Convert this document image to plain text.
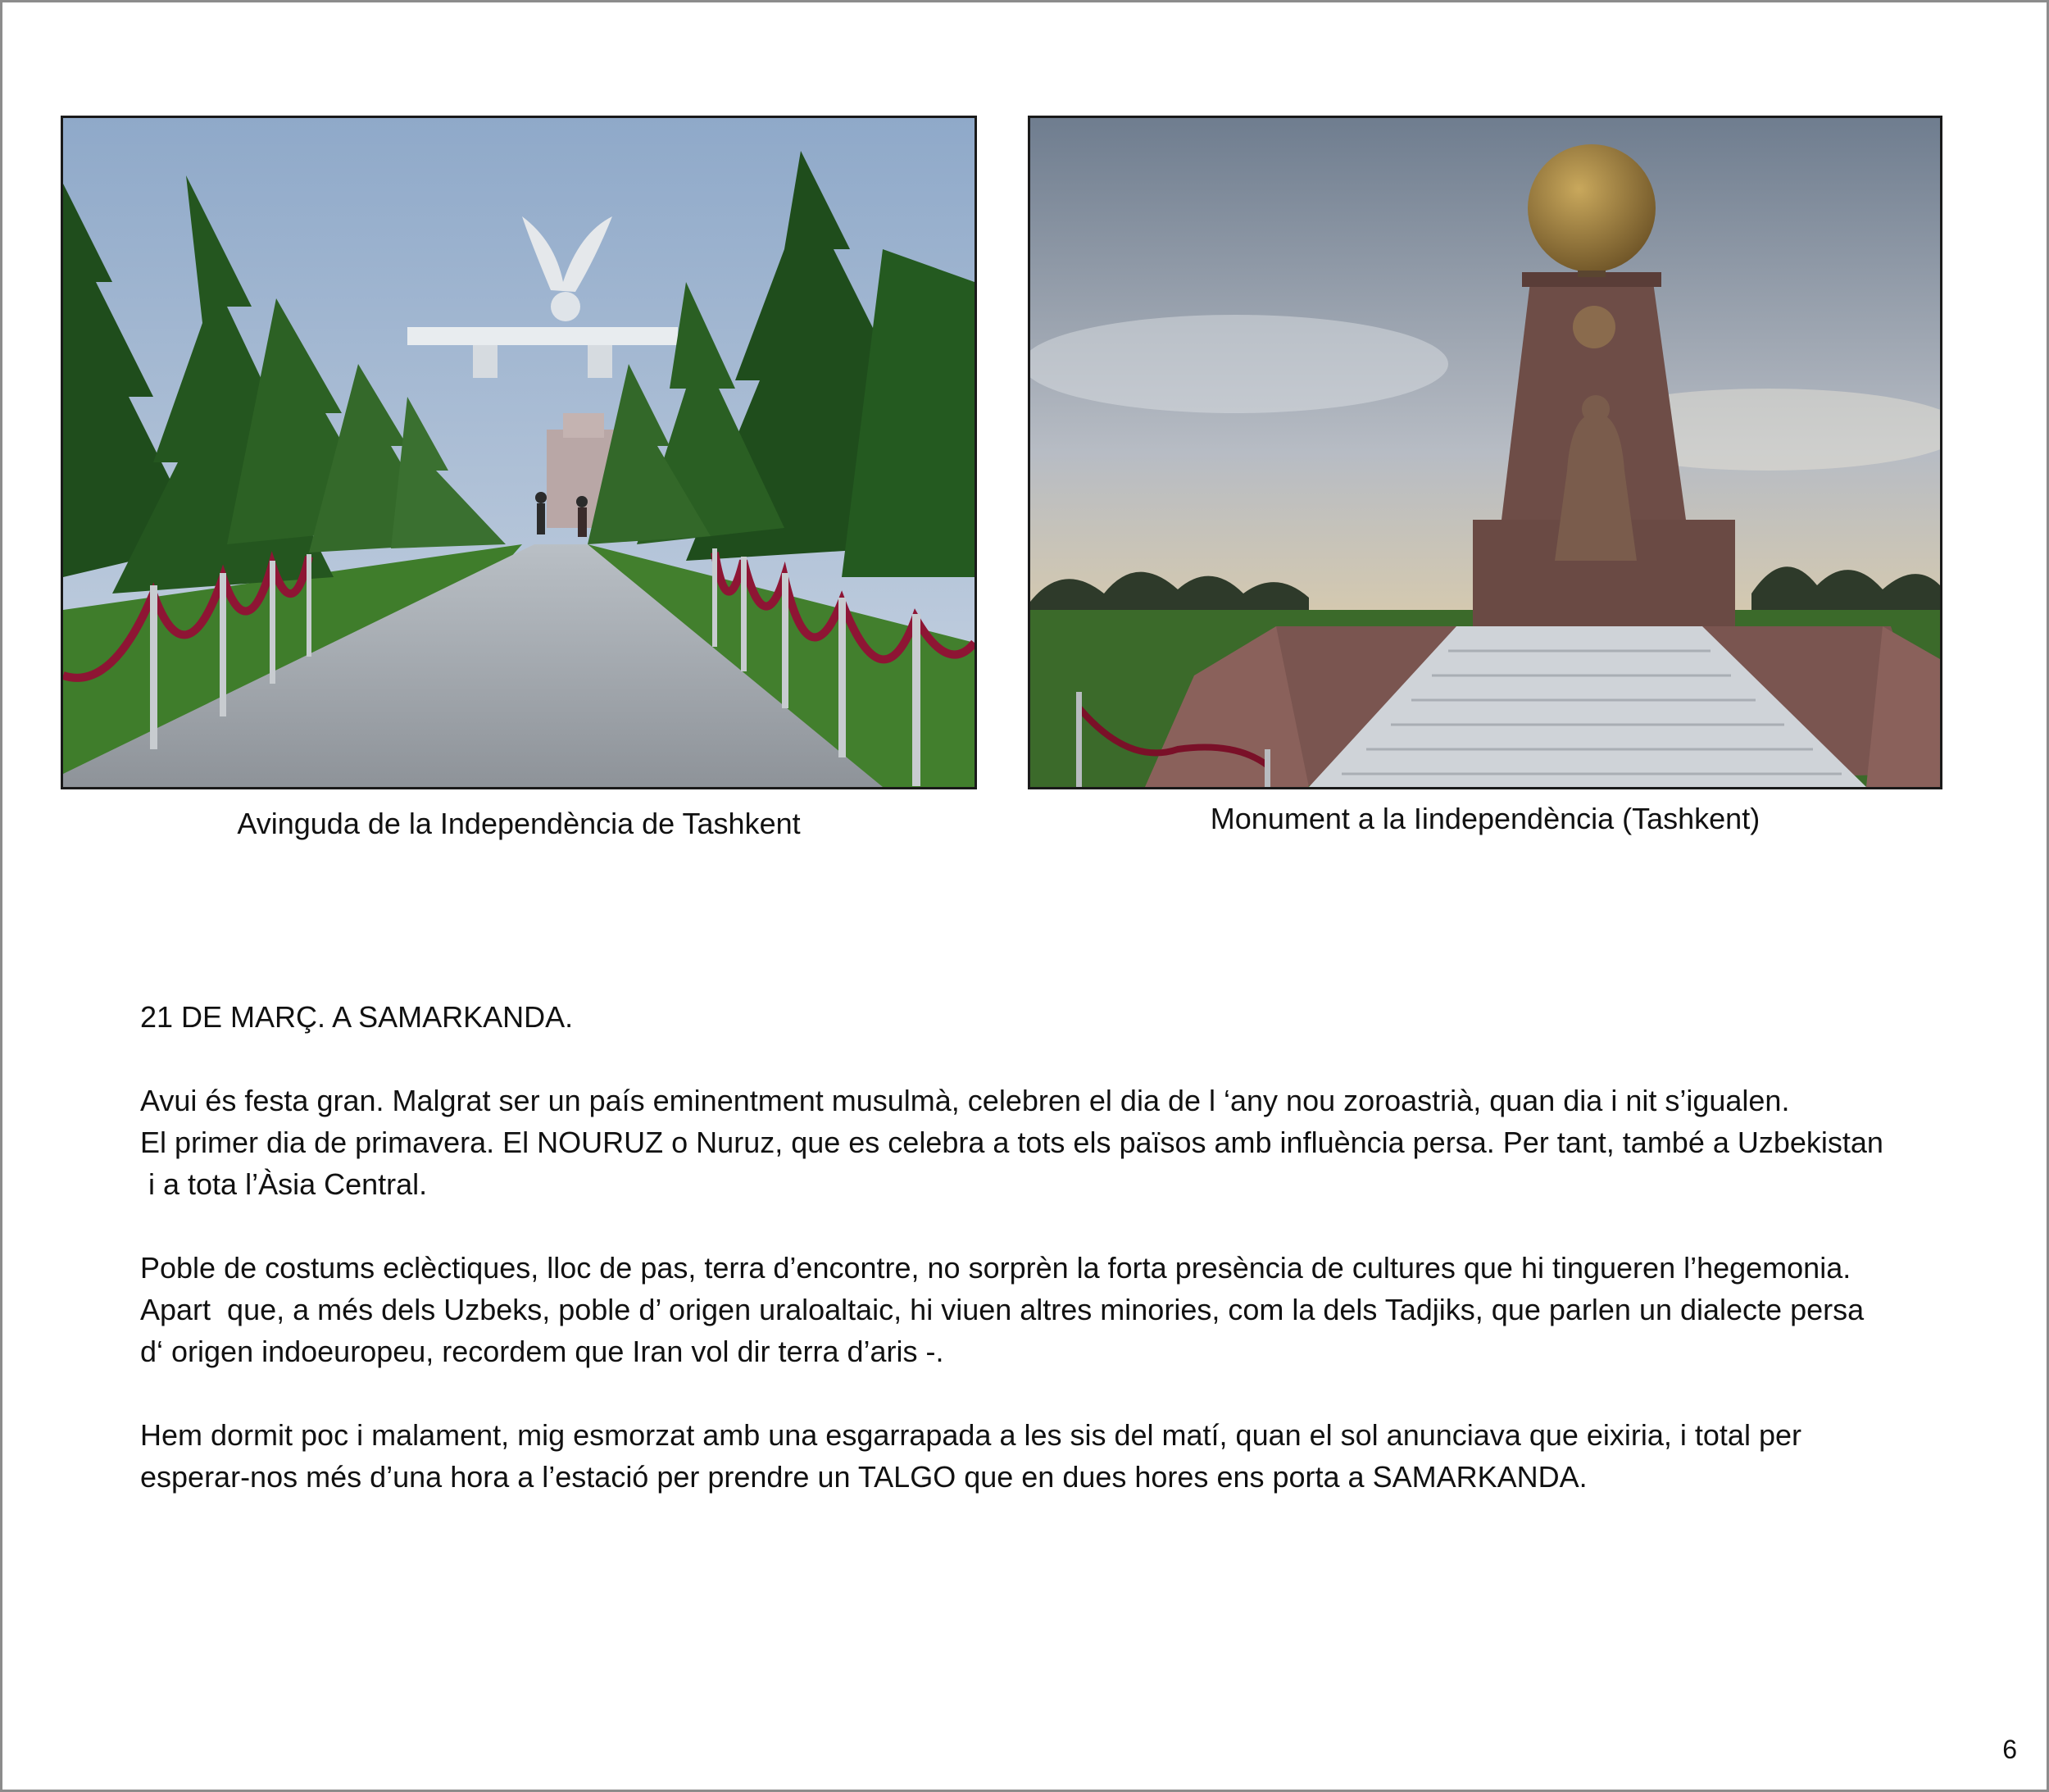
Avinguda de la Independència de Tashkent	Monument a la Iindependència (Tashkent)

21 DE MARÇ. A SAMARKANDA.

Avui és festa gran. Malgrat ser un país eminentment musulmà, celebren el dia de l ‘any nou zoroastrià, quan dia i nit s’igualen.

El primer dia de primavera. El NOURUZ o Nuruz, que es celebra a tots els països amb influència persa. Per tant, també a Uzbekistan

i a tota l’Àsia Central.

Poble de costums eclèctiques, lloc de pas, terra d’encontre, no sorprèn la forta presència de cultures que hi tingueren l’hegemonia.

Apart  que, a més dels Uzbeks, poble d’ origen uraloaltaic, hi viuen altres minories, com la dels Tadjiks, que parlen un dialecte persa

d‘ origen indoeuropeu, recordem que Iran vol dir terra d’aris -.

Hem dormit poc i malament, mig esmorzat amb una esgarrapada a les sis del matí, quan el sol anunciava que eixiria, i total per

esperar-nos més d’una hora a l’estació per prendre un TALGO que en dues hores ens porta a SAMARKANDA.

6
